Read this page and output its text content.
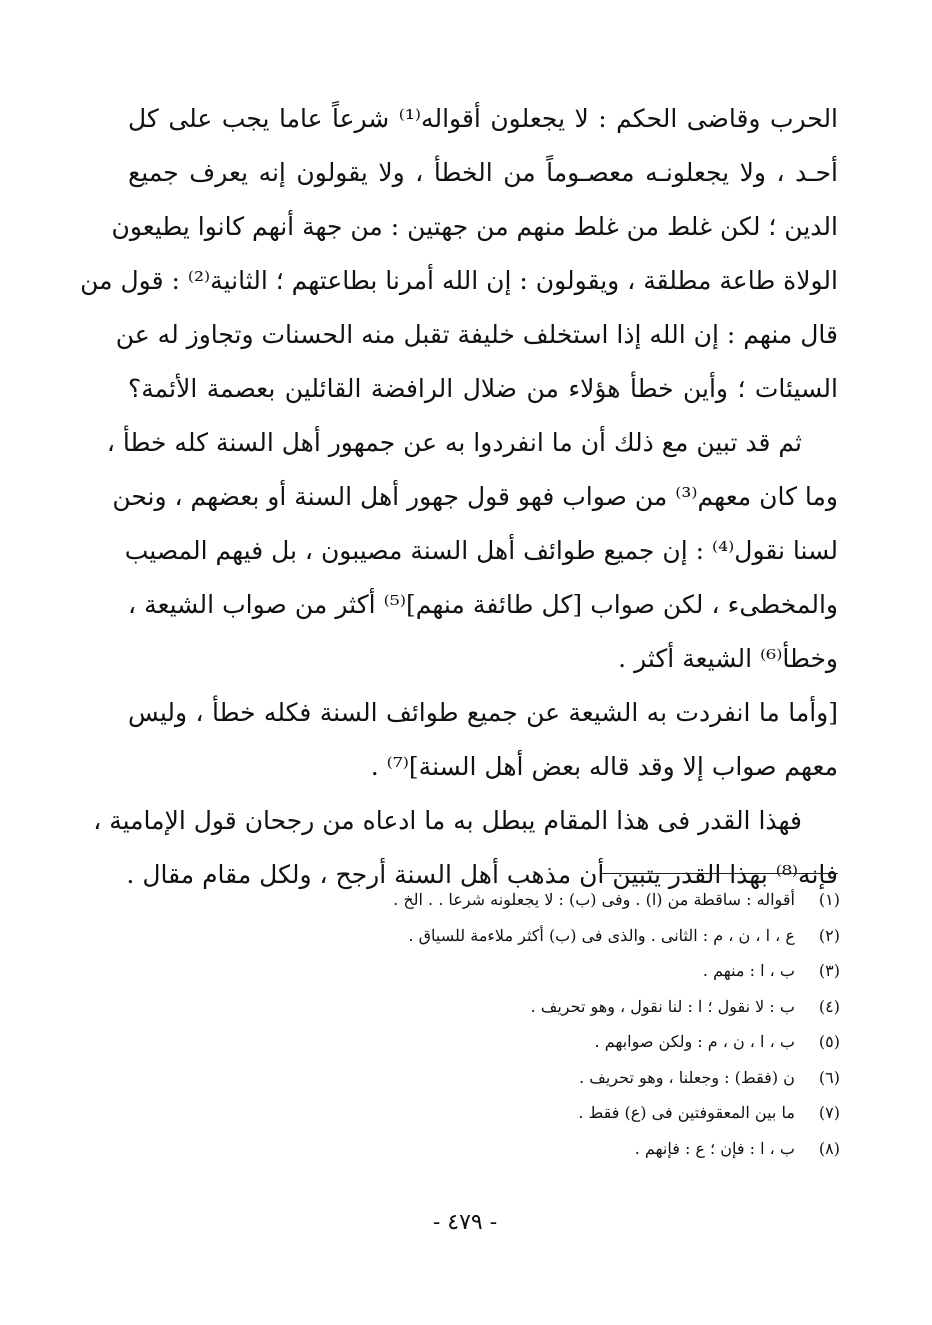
الحرب وقاضى الحكم : لا يجعلون أقواله⁽¹⁾ شرعاً عاما يجب على كل
أحـد ، ولا يجعلونـه معصـوماً من الخطأ ، ولا يقولون إنه يعرف جميع
الدين ؛ لكن غلط من غلط منهم من جهتين : من جهة أنهم كانوا يطيعون
الولاة طاعة مطلقة ، ويقولون : إن الله أمرنا بطاعتهم ؛ الثانية⁽²⁾ : قول من
قال منهم : إن الله إذا استخلف خليفة تقبل منه الحسنات وتجاوز له عن
السيئات ؛ وأين خطأ هؤلاء من ضلال الرافضة القائلين بعصمة الأئمة؟
ثم قد تبين مع ذلك أن ما انفردوا به عن جمهور أهل السنة كله خطأ ،
وما كان معهم⁽³⁾ من صواب فهو قول جهور أهل السنة أو بعضهم ، ونحن
لسنا نقول⁽⁴⁾ : إن جميع طوائف أهل السنة مصيبون ، بل فيهم المصيب
والمخطىء ، لكن صواب [كل طائفة منهم]⁽⁵⁾ أكثر من صواب الشيعة ،
وخطأ⁽⁶⁾ الشيعة أكثر .
[وأما ما انفردت به الشيعة عن جميع طوائف السنة فكله خطأ ، وليس
معهم صواب إلا وقد قاله بعض أهل السنة]⁽⁷⁾ .
فهذا القدر فى هذا المقام يبطل به ما ادعاه من رجحان قول الإمامية ،
فإنه⁽⁸⁾ بهذا القدر يتبين أن مذهب أهل السنة أرجح ، ولكل مقام مقال .
(١) أقواله : ساقطة من (ا) . وفى (ب) : لا يجعلونه شرعا . . الخ .
(٢) ع ، ا ، ن ، م : الثانى . والذى فى (ب) أكثر ملاءمة للسياق .
(٣) ب ، ا : منهم .
(٤) ب : لا نقول ؛ ا : لنا نقول ، وهو تحريف .
(٥) ب ، ا ، ن ، م : ولكن صوابهم .
(٦) ن (فقط) : وجعلنا ، وهو تحريف .
(٧) ما بين المعقوفتين فى (ع) فقط .
(٨) ب ، ا : فإن ؛ ع : فإنهم .
- ٤٧٩ -
